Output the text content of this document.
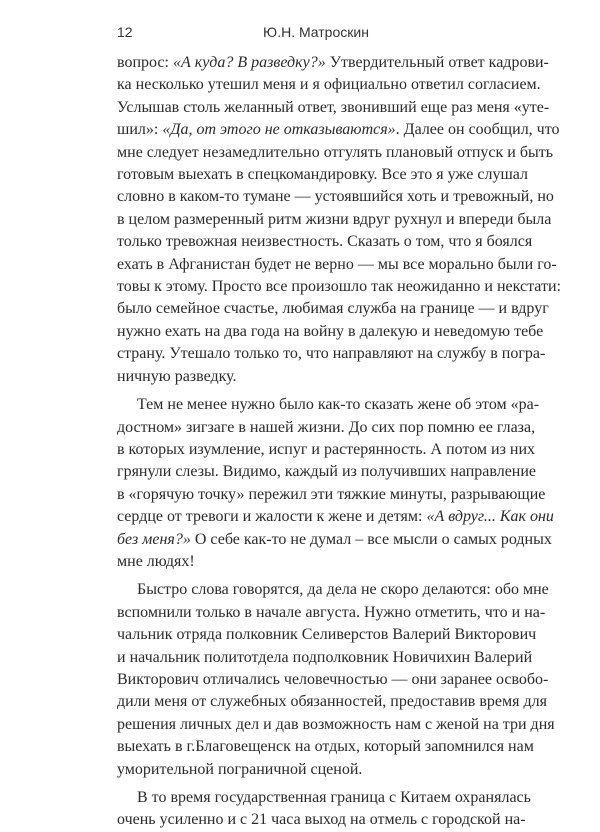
12	Ю.Н. Матроскин

вопрос: «А куда? В разведку?» Утвердительный ответ кадрови-
ка несколько утешил меня и я официально ответил согласием.
Услышав столь желанный ответ, звонивший еще раз меня «уте-
шил»: «Да, от этого не отказываются». Далее он сообщил, что
мне следует незамедлительно отгулять плановый отпуск и быть
готовым выехать в спецкомандировку. Все это я уже слушал
словно в каком-то тумане — устоявшийся хоть и тревожный, но
в целом размеренный ритм жизни вдруг рухнул и впереди была
только тревожная неизвестность. Сказать о том, что я боялся
ехать в Афганистан будет не верно — мы все морально были го-
товы к этому. Просто все произошло так неожиданно и некстати:
было семейное счастье, любимая служба на границе — и вдруг
нужно ехать на два года на войну в далекую и неведомую тебе
страну. Утешало только то, что направляют на службу в погра-
ничную разведку.

Тем не менее нужно было как-то сказать жене об этом «ра-
достном» зигзаге в нашей жизни. До сих пор помню ее глаза,
в которых изумление, испуг и растерянность. А потом из них
грянули слезы. Видимо, каждый из получивших направление
в «горячую точку» пережил эти тяжкие минуты, разрывающие
сердце от тревоги и жалости к жене и детям: «А вдруг... Как они
без меня?» О себе как-то не думал – все мысли о самых родных
мне людях!

Быстро слова говорятся, да дела не скоро делаются: обо мне
вспомнили только в начале августа. Нужно отметить, что и на-
чальник отряда полковник Селиверстов Валерий Викторович
и начальник политотдела подполковник Новичихин Валерий
Викторович отличались человечностью — они заранее освобо-
дили меня от служебных обязанностей, предоставив время для
решения личных дел и дав возможность нам с женой на три дня
выехать в г.Благовещенск на отдых, который запомнился нам
уморительной пограничной сценой.

В то время государственная граница с Китаем охранялась
очень усиленно и с 21 часа выход на отмель с городской на-
